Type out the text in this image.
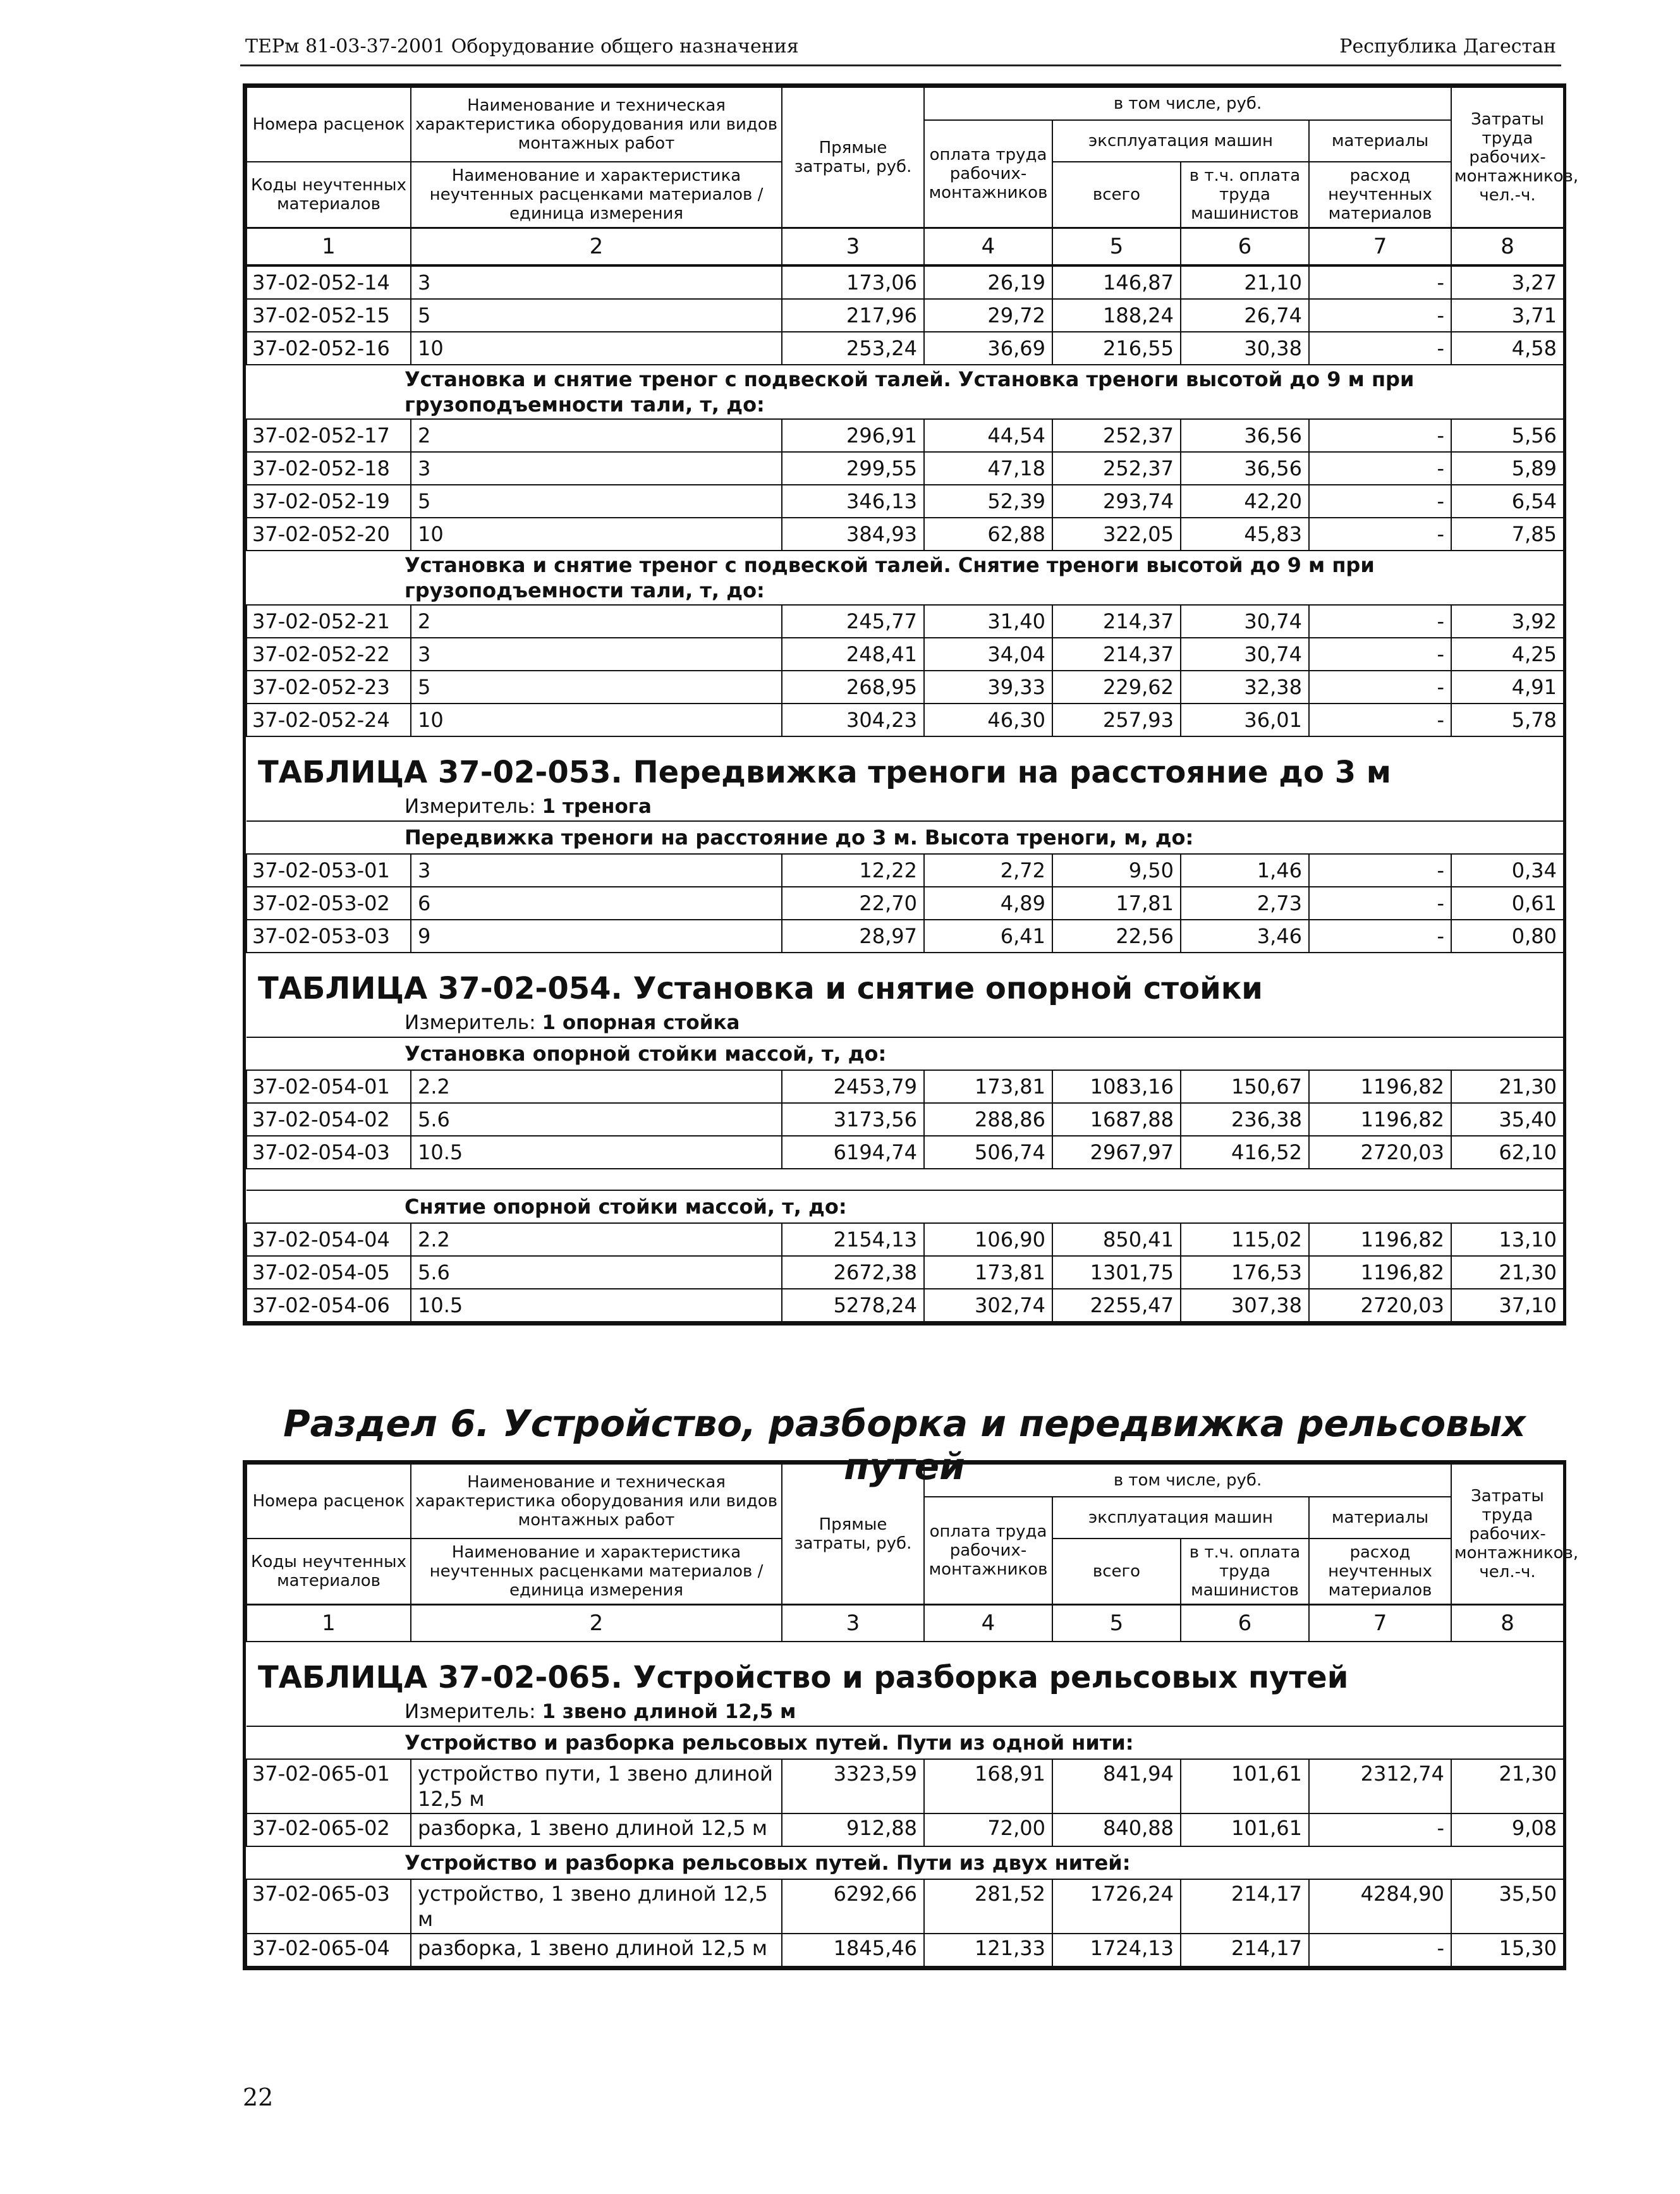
ТЕРм 81-03-37-2001 Оборудование общего назначения	Республика Дагестан
Номера расценок	Наименование и техническая характеристика оборудования или видов монтажных работ	Прямые затраты, руб.	в том числе, руб.				Затраты труда рабочих-монтажников, чел.-ч.
			оплата труда рабочих-монтажников	эксплуатация машин		материалы	
Коды неучтенных материалов	Наименование и характеристика неучтенных расценками материалов / единица измерения			всего	в т.ч. оплата труда машинистов	расход неучтенных материалов	

1	2	3	4	5	6	7	8
37-02-052-14	3	173,06	26,19	146,87	21,10	-	3,27
37-02-052-15	5	217,96	29,72	188,24	26,74	-	3,71
37-02-052-16	10	253,24	36,69	216,55	30,38	-	4,58
Установка и снятие треног с подвеской талей. Установка треноги высотой до 9 м при грузоподъемности тали, т, до:							
37-02-052-17	2	296,91	44,54	252,37	36,56	-	5,56
37-02-052-18	3	299,55	47,18	252,37	36,56	-	5,89
37-02-052-19	5	346,13	52,39	293,74	42,20	-	6,54
37-02-052-20	10	384,93	62,88	322,05	45,83	-	7,85
Установка и снятие треног с подвеской талей. Снятие треноги высотой до 9 м при грузоподъемности тали, т, до:							
37-02-052-21	2	245,77	31,40	214,37	30,74	-	3,92
37-02-052-22	3	248,41	34,04	214,37	30,74	-	4,25
37-02-052-23	5	268,95	39,33	229,62	32,38	-	4,91
37-02-052-24	10	304,23	46,30	257,93	36,01	-	5,78
ТАБЛИЦА 37-02-053. Передвижка треноги на расстояние до 3 м							
Измеритель: 1 тренога							
Передвижка треноги на расстояние до 3 м. Высота треноги, м, до:							
37-02-053-01	3	12,22	2,72	9,50	1,46	-	0,34
37-02-053-02	6	22,70	4,89	17,81	2,73	-	0,61
37-02-053-03	9	28,97	6,41	22,56	3,46	-	0,80
ТАБЛИЦА 37-02-054. Установка и снятие опорной стойки							
Измеритель: 1 опорная стойка							
Установка опорной стойки массой, т, до:							
37-02-054-01	2.2	2453,79	173,81	1083,16	150,67	1196,82	21,30
37-02-054-02	5.6	3173,56	288,86	1687,88	236,38	1196,82	35,40
37-02-054-03	10.5	6194,74	506,74	2967,97	416,52	2720,03	62,10

Снятие опорной стойки массой, т, до:							
37-02-054-04	2.2	2154,13	106,90	850,41	115,02	1196,82	13,10
37-02-054-05	5.6	2672,38	173,81	1301,75	176,53	1196,82	21,30
37-02-054-06	10.5	5278,24	302,74	2255,47	307,38	2720,03	37,10
Раздел 6. Устройство, разборка и передвижка рельсовых путей
Номера расценок	Наименование и техническая характеристика оборудования или видов монтажных работ	Прямые затраты, руб.	в том числе, руб.				Затраты труда рабочих-монтажников, чел.-ч.
			оплата труда рабочих-монтажников	эксплуатация машин		материалы	
Коды неучтенных материалов	Наименование и характеристика неучтенных расценками материалов / единица измерения			всего	в т.ч. оплата труда машинистов	расход неучтенных материалов	

1	2	3	4	5	6	7	8
ТАБЛИЦА 37-02-065. Устройство и разборка рельсовых путей							
Измеритель: 1 звено длиной 12,5 м							
Устройство и разборка рельсовых путей. Пути из одной нити:							
37-02-065-01	устройство пути, 1 звено длиной 12,5 м	3323,59	168,91	841,94	101,61	2312,74	21,30
37-02-065-02	разборка, 1 звено длиной 12,5 м	912,88	72,00	840,88	101,61	-	9,08
Устройство и разборка рельсовых путей. Пути из двух нитей:							
37-02-065-03	устройство, 1 звено длиной 12,5 м	6292,66	281,52	1726,24	214,17	4284,90	35,50
37-02-065-04	разборка, 1 звено длиной 12,5 м	1845,46	121,33	1724,13	214,17	-	15,30
22
